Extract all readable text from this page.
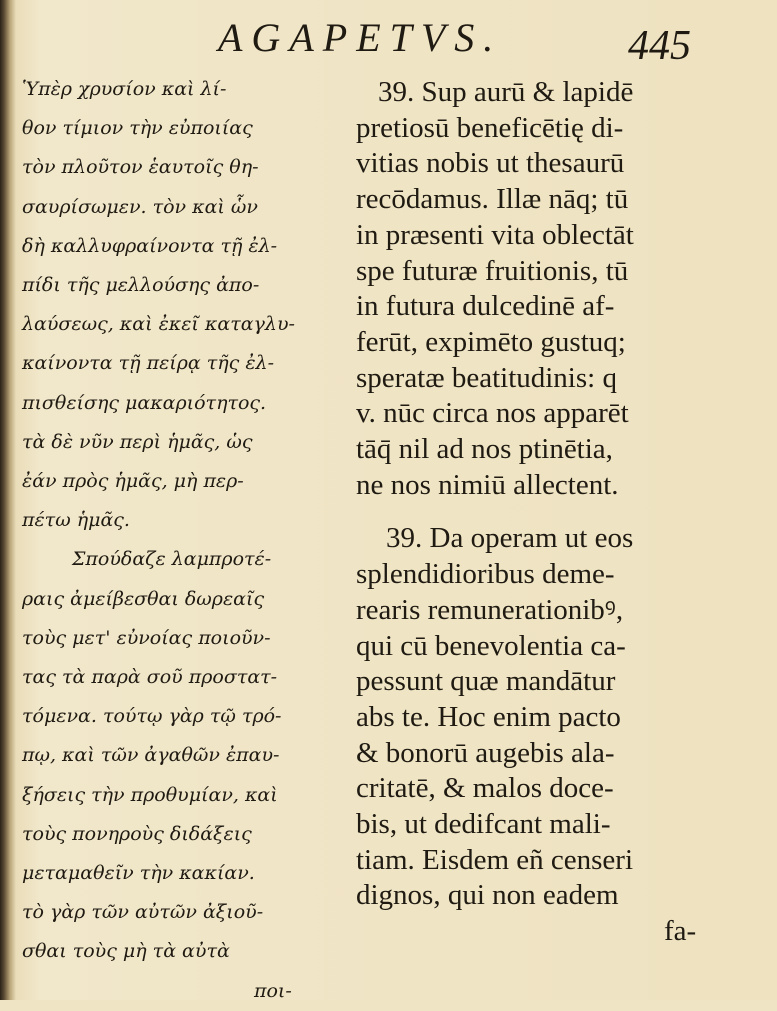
AGAPETVS.	445
Ὑπὲρ χρυσίον καὶ λί-
θον τίμιον τὴν εὐποιίας
τὸν πλοῦτον ἑαυτοῖς θη-
σαυρίσωμεν. τὸν καὶ ὧν
δὴ καλλυφραίνοντα τῇ ἐλ-
πίδι τῆς μελλούσης ἀπο-
λαύσεως, καὶ ἐκεῖ καταγλυ-
καίνοντα τῇ πείρᾳ τῆς ἐλ-
πισθείσης μακαριότητος.
τὰ δὲ νῦν περὶ ἡμᾶς, ὡς
ἐάν πρὸς ἡμᾶς, μὴ περ-
πέτω ἡμᾶς.
Σπούδαζε λαμπροτέ-
ραις ἀμείβεσθαι δωρεαῖς
τοὺς μετ' εὐνοίας ποιοῦν-
τας τὰ παρὰ σοῦ προστατ-
τόμενα. τούτῳ γὰρ τῷ τρό-
πῳ, καὶ τῶν ἀγαθῶν ἐπαυ-
ξήσεις τὴν προθυμίαν, καὶ
τοὺς πονηροὺς διδάξεις
μεταμαθεῖν τὴν κακίαν.
τὸ γὰρ τῶν αὐτῶν ἀξιοῦ-
σθαι τοὺς μὴ τὰ αὐτὰ
ποι-
39. Sup aurū & lapidē
pretiosū beneficētię di-
vitias nobis ut thesaurū
recōdamus. Illæ nāq; tū
in præsenti vita oblectāt
spe futuræ fruitionis, tū
in futura dulcedinē af-
ferūt, expimēto gustuq;
speratæ beatitudinis: q
v. nūc circa nos apparēt
tāq̄ nil ad nos ptinētia,
ne nos nimiū allectent.
39. Da operam ut eos
splendidioribus deme-
rearis remunerationibꝰ,
qui cū benevolentia ca-
pessunt quæ mandātur
abs te. Hoc enim pacto
& bonorū augebis ala-
critatē, & malos doce-
bis, ut dedifcant mali-
tiam. Eisdem eñ censeri
dignos, qui non eadem
fa-
